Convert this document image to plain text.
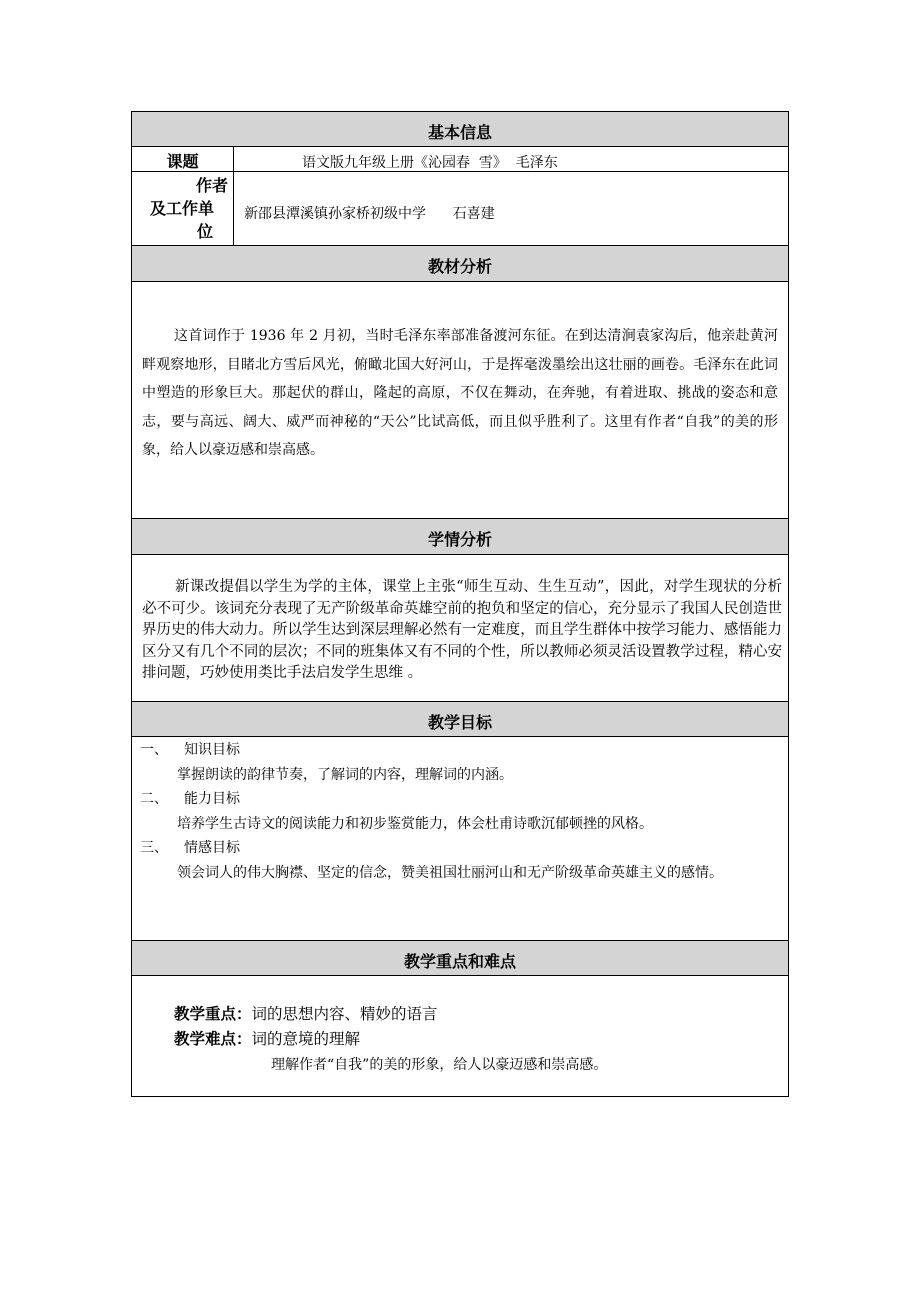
基本信息
课题	语文版九年级上册《沁园春  雪》  毛泽东
作者
及工作单
位
新邵县潭溪镇孙家桥初级中学      石喜建
教材分析
这首词作于 1936 年 2 月初，当时毛泽东率部准备渡河东征。在到达清涧袁家沟后，他亲赴黄河畔观察地形，目睹北方雪后风光，俯瞰北国大好河山，于是挥毫泼墨绘出这壮丽的画卷。毛泽东在此词中塑造的形象巨大。那起伏的群山，隆起的高原，不仅在舞动，在奔驰，有着进取、挑战的姿态和意志，要与高远、阔大、威严而神秘的“天公”比试高低，而且似乎胜利了。这里有作者“自我”的美的形象，给人以豪迈感和崇高感。
学情分析
新课改提倡以学生为学的主体，课堂上主张“师生互动、生生互动”，因此，对学生现状的分析必不可少。该词充分表现了无产阶级革命英雄空前的抱负和坚定的信心，充分显示了我国人民创造世界历史的伟大动力。所以学生达到深层理解必然有一定难度，而且学生群体中按学习能力、感悟能力区分又有几个不同的层次；不同的班集体又有不同的个性，所以教师必须灵活设置教学过程，精心安排问题，巧妙使用类比手法启发学生思维 。
教学目标
一、 知识目标
掌握朗读的韵律节奏，了解词的内容，理解词的内涵。
二、 能力目标
培养学生古诗文的阅读能力和初步鉴赏能力，体会杜甫诗歌沉郁顿挫的风格。
三、 情感目标
领会词人的伟大胸襟、坚定的信念，赞美祖国壮丽河山和无产阶级革命英雄主义的感情。
教学重点和难点
教学重点：词的思想内容、精妙的语言
教学难点：词的意境的理解
理解作者“自我”的美的形象，给人以豪迈感和崇高感。
